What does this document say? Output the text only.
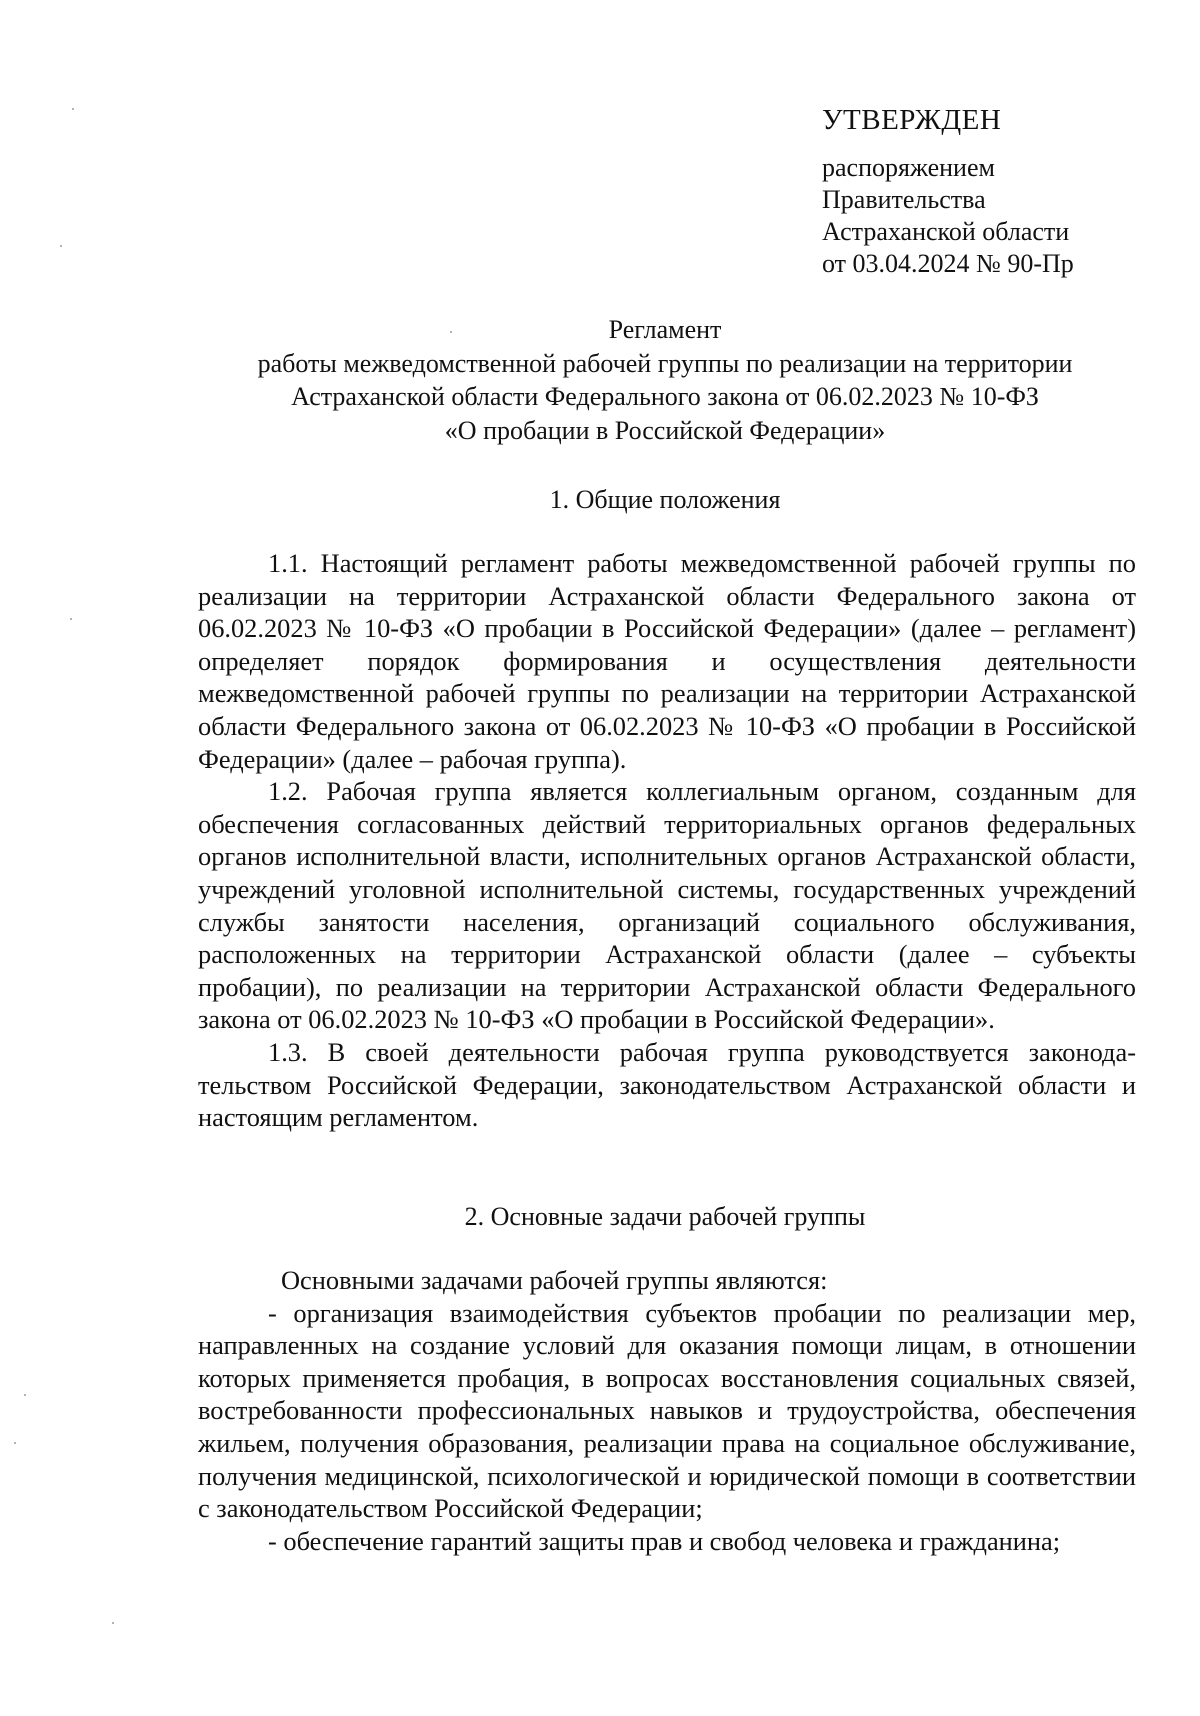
УТВЕРЖДЕН
распоряжением
Правительства
Астраханской области
от 03.04.2024 № 90-Пр
Регламент
работы межведомственной рабочей группы по реализации на территории
Астраханской области Федерального закона от 06.02.2023 № 10-ФЗ
«О пробации в Российской Федерации»
1. Общие положения

1.1. Настоящий регламент работы межведомственной рабочей группы по реализации на территории Астраханской области Федерального закона от 06.02.2023 № 10-ФЗ «О пробации в Российской Федерации» (далее – регламент) определяет порядок формирования и осуществления деятельности межведомственной рабочей группы по реализации на территории Астраханской области Федерального закона от 06.02.2023 № 10-ФЗ «О пробации в Российской Федерации» (далее – рабочая группа).

1.2. Рабочая группа является коллегиальным органом, созданным для обеспечения согласованных действий территориальных органов федеральных органов исполнительной власти, исполнительных органов Астраханской области, учреждений уголовной исполнительной системы, государственных учреждений службы занятости населения, организаций социального обслуживания, расположенных на территории Астраханской области (далее – субъекты пробации), по реализации на территории Астраханской области Федерального закона от 06.02.2023 № 10-ФЗ «О пробации в Российской Федерации».

1.3. В своей деятельности рабочая группа руководствуется законодательством Российской Федерации, законодательством Астраханской области и настоящим регламентом.

2. Основные задачи рабочей группы

Основными задачами рабочей группы являются:

- организация взаимодействия субъектов пробации по реализации мер, направленных на создание условий для оказания помощи лицам, в отношении которых применяется пробация, в вопросах восстановления социальных связей, востребованности профессиональных навыков и трудоустройства, обеспечения жильем, получения образования, реализации права на социальное обслуживание, получения медицинской, психологической и юридической помощи в соответствии с законодательством Российской Федерации;

- обеспечение гарантий защиты прав и свобод человека и гражданина;
